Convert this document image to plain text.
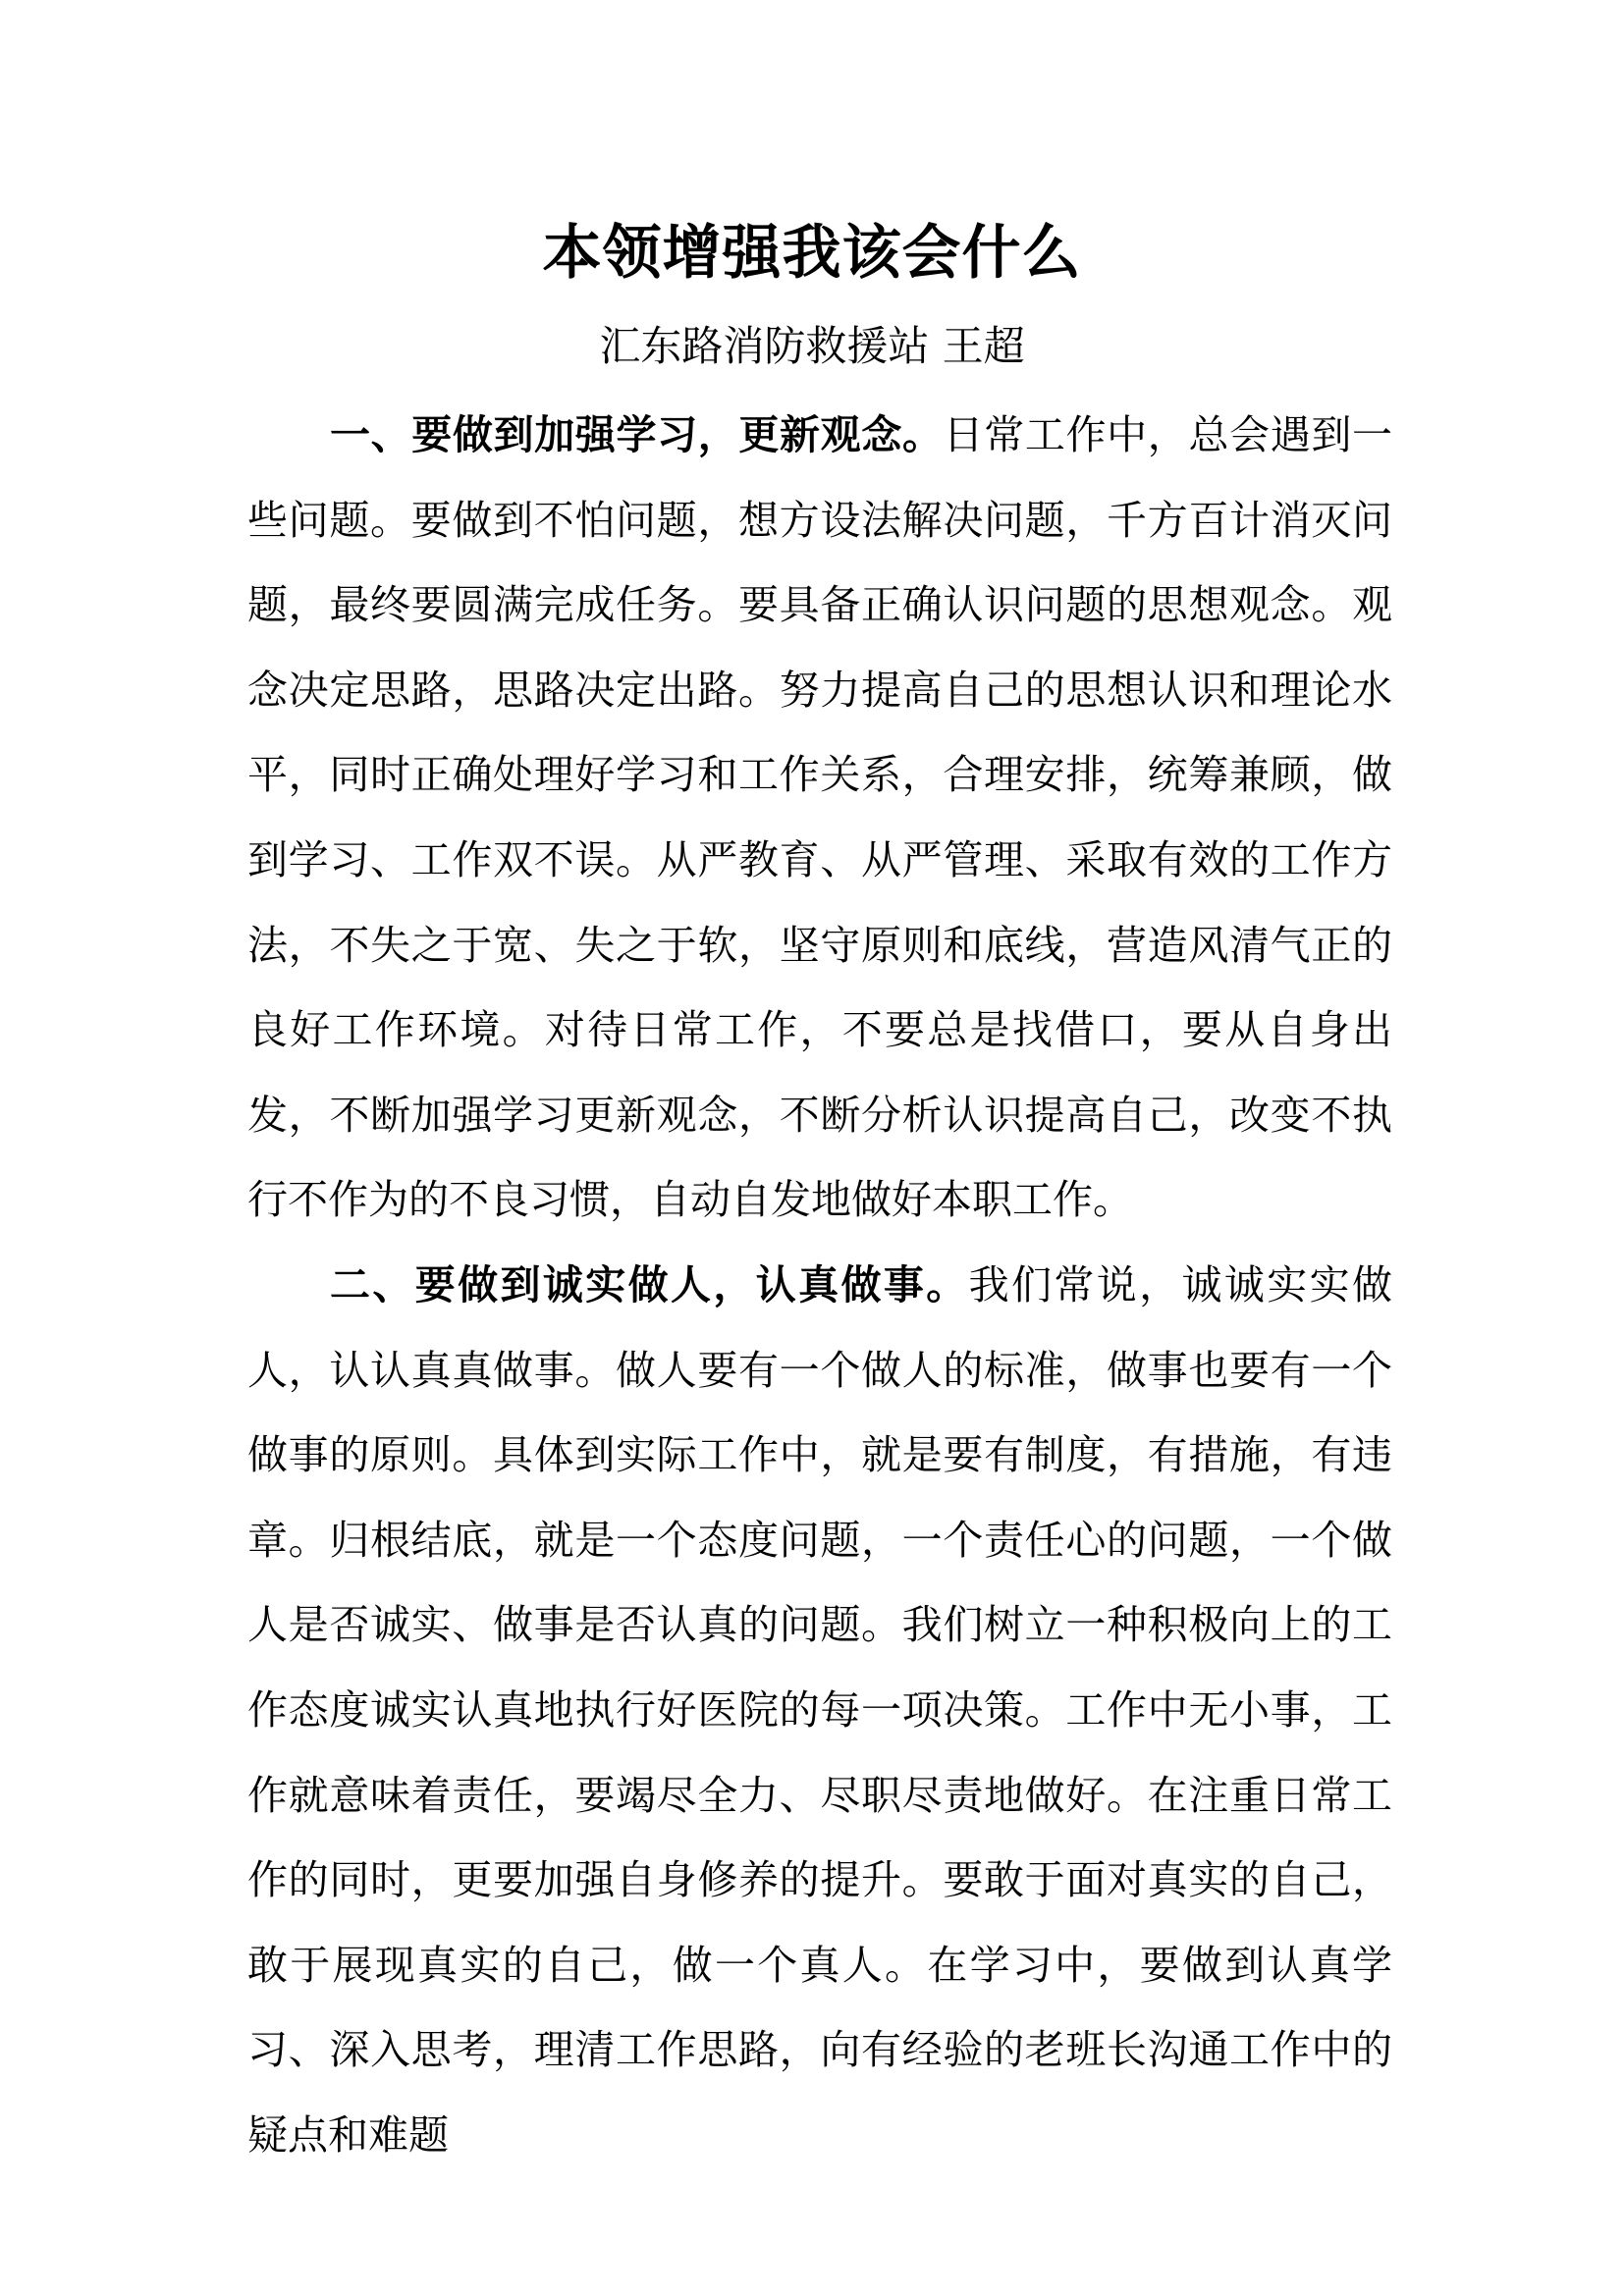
本领增强我该会什么

汇东路消防救援站 王超

一、要做到加强学习，更新观念。日常工作中，总会遇到一些问题。要做到不怕问题，想方设法解决问题，千方百计消灭问题，最终要圆满完成任务。要具备正确认识问题的思想观念。观念决定思路，思路决定出路。努力提高自己的思想认识和理论水平，同时正确处理好学习和工作关系，合理安排，统筹兼顾，做到学习、工作双不误。从严教育、从严管理、采取有效的工作方法，不失之于宽、失之于软，坚守原则和底线，营造风清气正的良好工作环境。对待日常工作，不要总是找借口，要从自身出发，不断加强学习更新观念，不断分析认识提高自己，改变不执行不作为的不良习惯，自动自发地做好本职工作。

二、要做到诚实做人，认真做事。我们常说，诚诚实实做人，认认真真做事。做人要有一个做人的标准，做事也要有一个做事的原则。具体到实际工作中，就是要有制度，有措施，有违章。归根结底，就是一个态度问题，一个责任心的问题，一个做人是否诚实、做事是否认真的问题。我们树立一种积极向上的工作态度诚实认真地执行好医院的每一项决策。工作中无小事，工作就意味着责任，要竭尽全力、尽职尽责地做好。在注重日常工作的同时，更要加强自身修养的提升。要敢于面对真实的自己，敢于展现真实的自己，做一个真人。在学习中，要做到认真学习、深入思考，理清工作思路，向有经验的老班长沟通工作中的疑点和难题
